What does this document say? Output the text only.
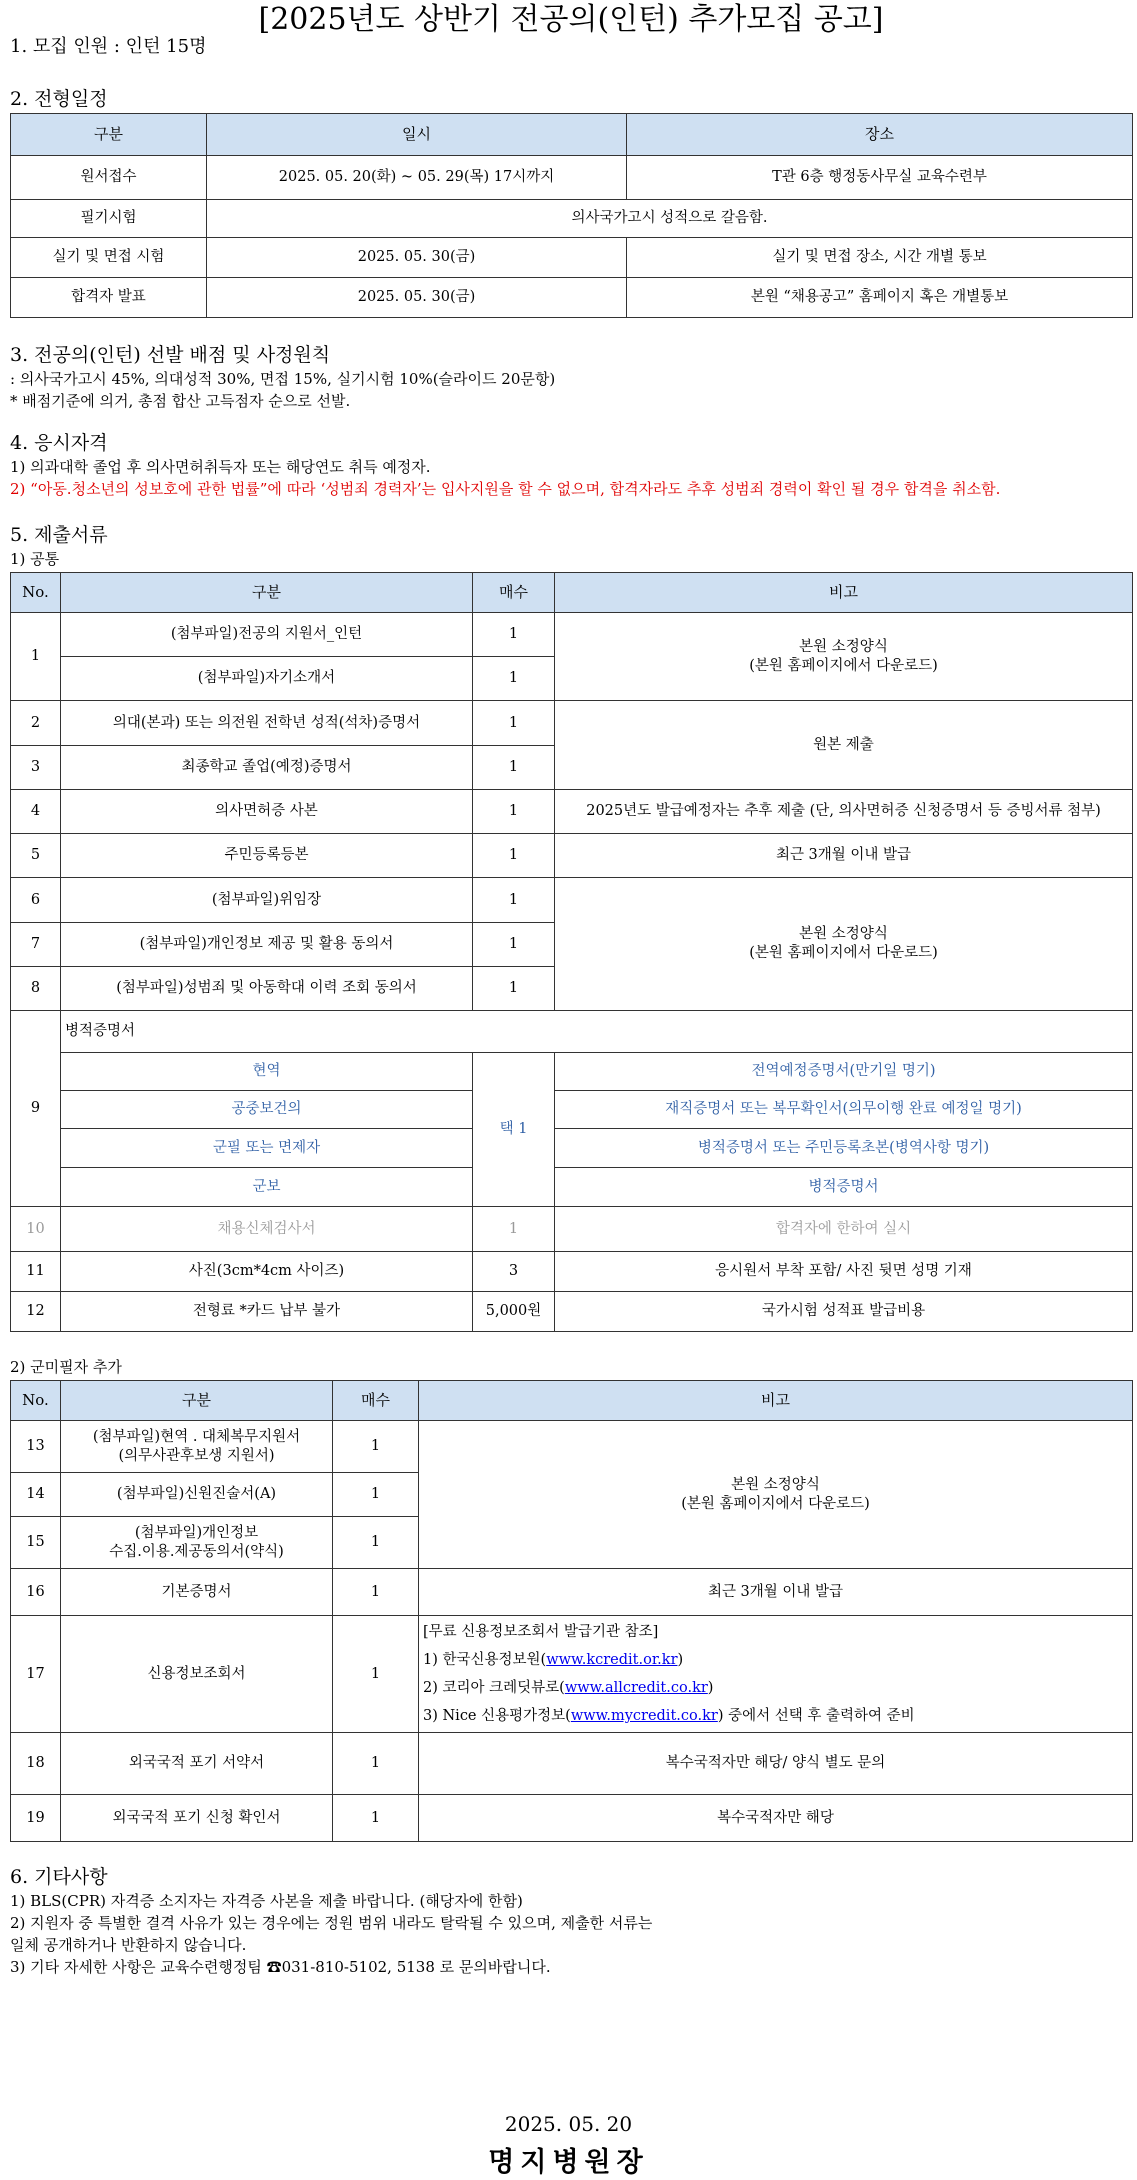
[2025년도 상반기 전공의(인턴) 추가모집 공고]

1. 모집 인원 : 인턴 15명

2. 전형일정

구분	일시	장소
원서접수	2025. 05. 20(화) ~ 05. 29(목) 17시까지	T관 6층 행정동사무실 교육수련부
필기시험	의사국가고시 성적으로 갈음함.	
실기 및 면접 시험	2025. 05. 30(금)	실기 및 면접 장소, 시간 개별 통보
합격자 발표	2025. 05. 30(금)	본원 “채용공고” 홈페이지 혹은 개별통보

3. 전공의(인턴) 선발 배점 및 사정원칙

: 의사국가고시 45%, 의대성적 30%, 면접 15%, 실기시험 10%(슬라이드 20문항)

* 배점기준에 의거, 총점 합산 고득점자 순으로 선발.

4. 응시자격

1) 의과대학 졸업 후 의사면허취득자 또는 해당연도 취득 예정자.

2) “아동.청소년의 성보호에 관한 법률”에 따라 ‘성범죄 경력자’는 입사지원을 할 수 없으며, 합격자라도 추후 성범죄 경력이 확인 될 경우 합격을 취소함.

5. 제출서류

1) 공통

No.	구분	매수	비고
1	(첨부파일)전공의 지원서_인턴	1	본원 소정양식
(본원 홈페이지에서 다운로드)
	(첨부파일)자기소개서	1	
2	의대(본과) 또는 의전원 전학년 성적(석차)증명서	1	원본 제출
3	최종학교 졸업(예정)증명서	1	
4	의사면허증 사본	1	2025년도 발급예정자는 추후 제출 (단, 의사면허증 신청증명서 등 증빙서류 첨부)
5	주민등록등본	1	최근 3개월 이내 발급
6	(첨부파일)위임장	1	본원 소정양식
(본원 홈페이지에서 다운로드)
7	(첨부파일)개인정보 제공 및 활용 동의서	1	
8	(첨부파일)성범죄 및 아동학대 이력 조회 동의서	1	
9	병적증명서		
	현역	택 1	전역예정증명서(만기일 명기)
	공중보건의		재직증명서 또는 복무확인서(의무이행 완료 예정일 명기)
	군필 또는 면제자		병적증명서 또는 주민등록초본(병역사항 명기)
	군보		병적증명서
10	채용신체검사서	1	합격자에 한하여 실시
11	사진(3cm*4cm 사이즈)	3	응시원서 부착 포함/ 사진 뒷면 성명 기재
12	전형료 *카드 납부 불가	5,000원	국가시험 성적표 발급비용

2) 군미필자 추가

No.	구분	매수	비고
13	(첨부파일)현역 . 대체복무지원서
(의무사관후보생 지원서)	1	본원 소정양식
(본원 홈페이지에서 다운로드)
14	(첨부파일)신원진술서(A)	1	
15	(첨부파일)개인정보
수집.이용.제공동의서(약식)	1	
16	기본증명서	1	최근 3개월 이내 발급
17	신용정보조회서	1	[무료 신용정보조회서 발급기관 참조]
1) 한국신용정보원(www.kcredit.or.kr)
2) 코리아 크레딧뷰로(www.allcredit.co.kr)
3) Nice 신용평가정보(www.mycredit.co.kr) 중에서 선택 후 출력하여 준비

18	외국국적 포기 서약서	1	복수국적자만 해당/ 양식 별도 문의
19	외국국적 포기 신청 확인서	1	복수국적자만 해당

6. 기타사항

1) BLS(CPR) 자격증 소지자는 자격증 사본을 제출 바랍니다. (해당자에 한함)

2) 지원자 중 특별한 결격 사유가 있는 경우에는 정원 범위 내라도 탈락될 수 있으며, 제출한 서류는

일체 공개하거나 반환하지 않습니다.

3) 기타 자세한 사항은 교육수련행정팀 ☎031-810-5102, 5138 로 문의바랍니다.

2025. 05. 20
명지병원장
